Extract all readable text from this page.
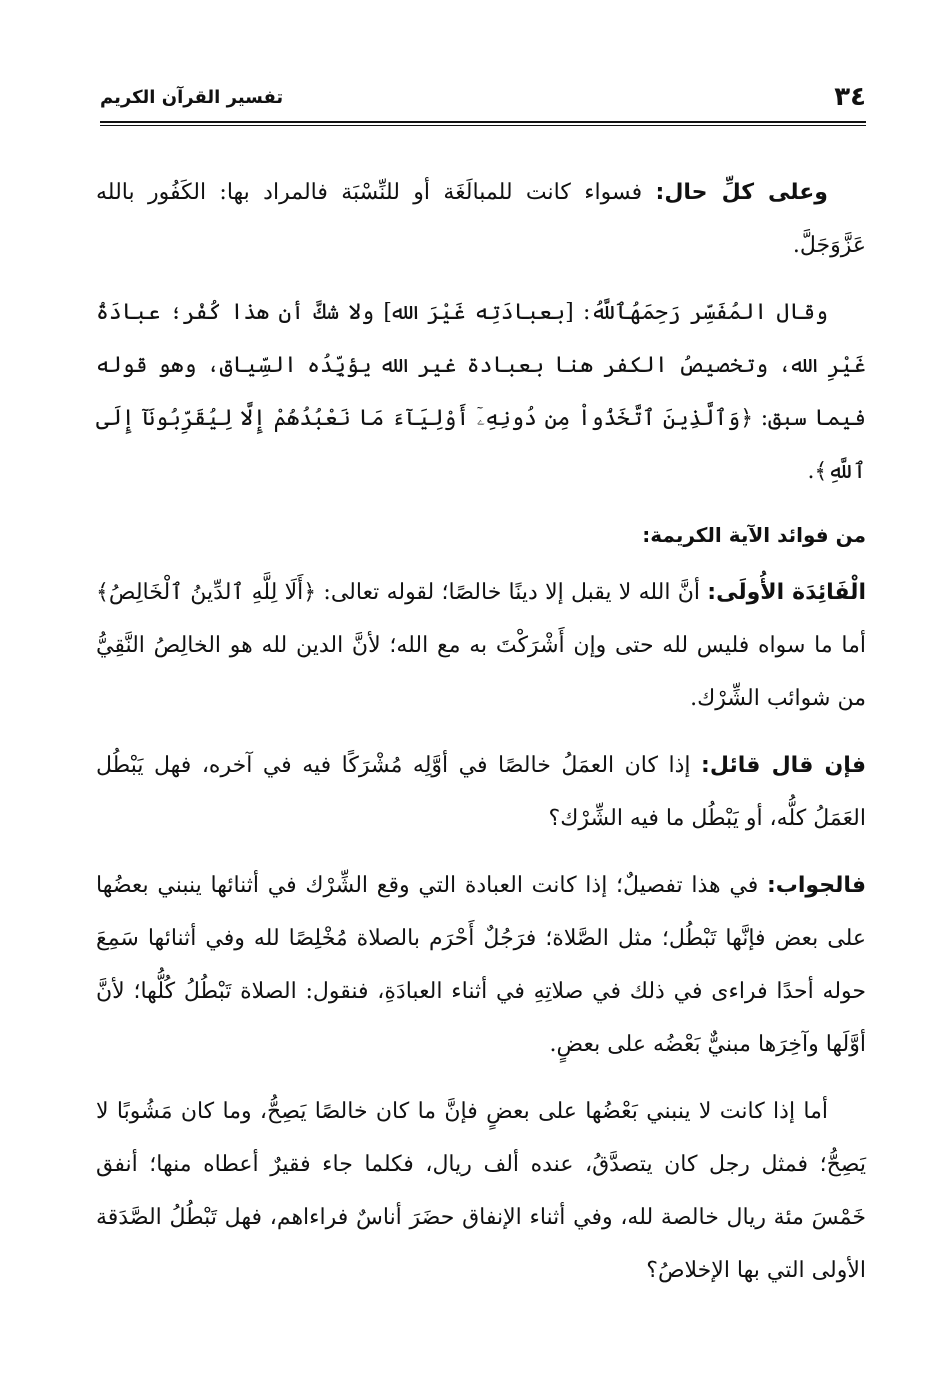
٣٤
تفسير القرآن الكريم

وعلى كلِّ حال: فسواء كانت للمبالَغَة أو للنِّسْبَة فالمراد بها: الكَفُور بالله عَزَّوَجَلَّ.

وقال المُفَسِّر رَحِمَهُٱللَّهُ: [بعبادَتِه غَيْرَ الله] ولا شكَّ أن هذا كُفْر؛ عبادَةُ غَيْرِ الله، وتخصيصُ الكفر هنا بعبادة غير الله يؤيِّدُه السِّياق، وهو قوله فيما سبق: ﴿وَٱلَّذِينَ ٱتَّخَذُواْ مِن دُونِهِۦٓ أَوْلِيَآءَ مَا نَعْبُدُهُمْ إِلَّا لِيُقَرِّبُونَآ إِلَى ٱللَّهِ﴾.

من فوائد الآية الكريمة:

الْفَائِدَة الأُولَى: أنَّ الله لا يقبل إلا دينًا خالصًا؛ لقوله تعالى: ﴿أَلَا لِلَّهِ ٱلدِّينُ ٱلْخَالِصُ﴾ أما ما سواه فليس لله حتى وإن أَشْرَكْتَ به مع الله؛ لأنَّ الدين لله هو الخالِصُ النَّقِيُّ من شوائب الشِّرْك.

فإن قال قائل: إذا كان العمَلُ خالصًا في أوَّلِه مُشْرَكًا فيه في آخره، فهل يَبْطُل العَمَلُ كلُّه، أو يَبْطُل ما فيه الشِّرْك؟

فالجواب: في هذا تفصيلٌ؛ إذا كانت العبادة التي وقع الشِّرْك في أثنائها ينبني بعضُها على بعض فإنَّها تَبْطُل؛ مثل الصَّلاة؛ فرَجُلٌ أَحْرَم بالصلاة مُخْلِصًا لله وفي أثنائها سَمِعَ حوله أحدًا فراءى في ذلك في صلاتِهِ في أثناء العبادَةِ، فنقول: الصلاة تَبْطُلُ كُلُّها؛ لأنَّ أوَّلَها وآخِرَها مبنيٌّ بَعْضُه على بعضٍ.

أما إذا كانت لا ينبني بَعْضُها على بعضٍ فإنَّ ما كان خالصًا يَصِحُّ، وما كان مَشُوبًا لا يَصِحُّ؛ فمثل رجل كان يتصدَّقُ، عنده ألف ريال، فكلما جاء فقيرٌ أعطاه منها؛ أنفق خَمْسَ مئة ريال خالصة لله، وفي أثناء الإنفاق حضَرَ أناسٌ فراءاهم، فهل تَبْطُلُ الصَّدَقة الأولى التي بها الإخلاصُ؟
